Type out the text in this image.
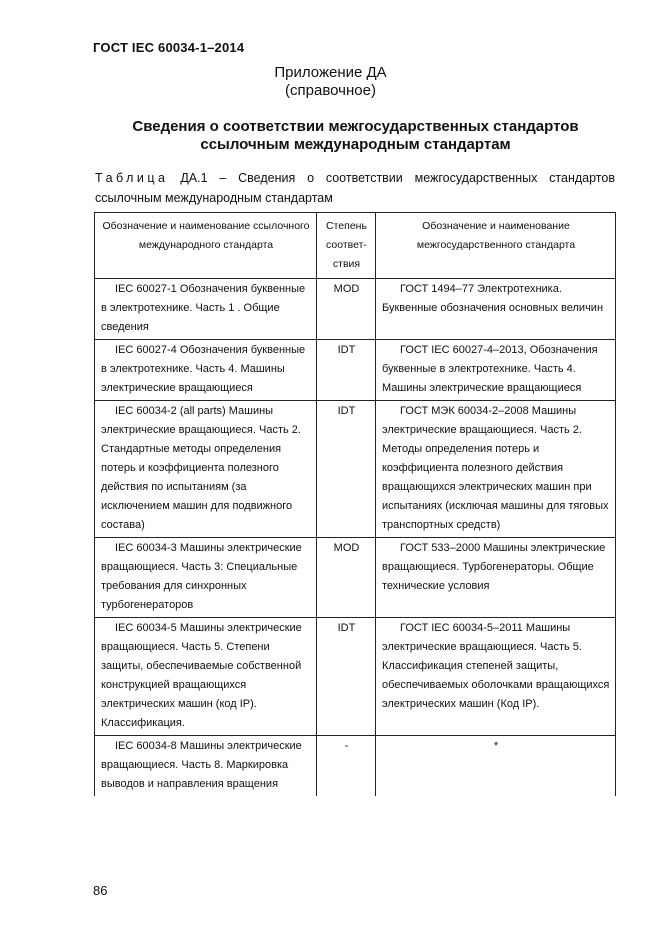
ГОСТ IEC 60034-1–2014
Приложение ДА
(справочное)
Сведения о соответствии межгосударственных стандартов
ссылочным международным стандартам
Таблица ДА.1 – Сведения о соответствии межгосударственных стандартов
ссылочным международным стандартам
Обозначение и наименование ссылочного международного стандарта	Степень соответ-ствия	Обозначение и наименование межгосударственного стандарта
IEC 60027-1 Обозначения буквенные в электротехнике. Часть 1 . Общие сведения	MOD	ГОСТ 1494–77 Электротехника. Буквенные обозначения основных величин
IEC 60027-4 Обозначения буквенные в электротехнике. Часть 4. Машины электрические вращающиеся	IDT	ГОСТ IEC 60027-4–2013, Обозначения буквенные в электротехнике. Часть 4. Машины электрические вращающиеся
IEC 60034-2 (all parts) Машины электрические вращающиеся. Часть 2. Стандартные методы определения потерь и коэффициента полезного действия по испытаниям (за исключением машин для подвижного состава)	IDT	ГОСТ МЭК 60034-2–2008 Машины электрические вращающиеся. Часть 2. Методы определения потерь и коэффициента полезного действия вращающихся электрических машин при испытаниях (исключая машины для тяговых транспортных средств)
IEC 60034-3 Машины электрические вращающиеся. Часть 3: Специальные требования для синхронных турбогенераторов	MOD	ГОСТ 533–2000 Машины электрические вращающиеся. Турбогенераторы. Общие технические условия
IEC 60034-5 Машины электрические вращающиеся. Часть 5. Степени защиты, обеспечиваемые собственной конструкцией вращающихся электрических машин (код IP). Классификация.	IDT	ГОСТ IEC 60034-5–2011 Машины электрические вращающиеся. Часть 5. Классификация степеней защиты, обеспечиваемых оболочками вращающихся электрических машин (Код IP).
IEC 60034-8 Машины электрические вращающиеся. Часть 8. Маркировка выводов и направления вращения	-	*
86
